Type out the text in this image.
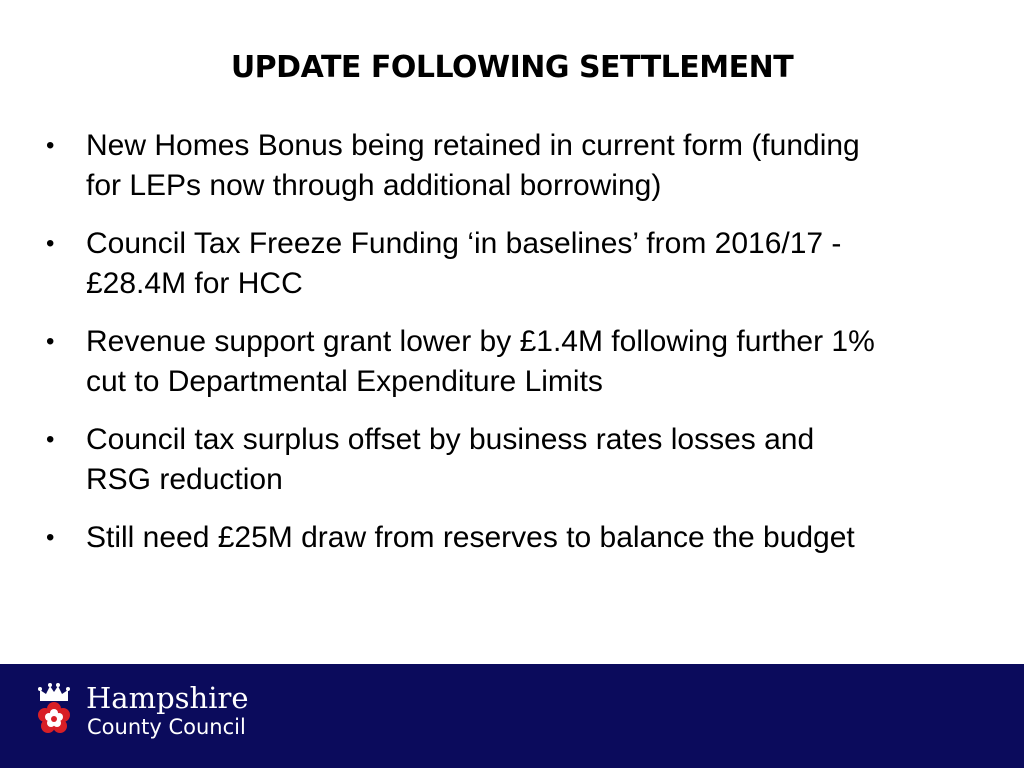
UPDATE FOLLOWING SETTLEMENT
•	New Homes Bonus being retained in current form (funding
for LEPs now through additional borrowing)
•	Council Tax Freeze Funding ‘in baselines’ from 2016/17 -
£28.4M for HCC
•	Revenue support grant lower by £1.4M following further 1%
cut to Departmental Expenditure Limits
•	Council tax surplus offset by business rates losses and
RSG reduction
•	Still need £25M draw from reserves to balance the budget
Hampshire
County Council
